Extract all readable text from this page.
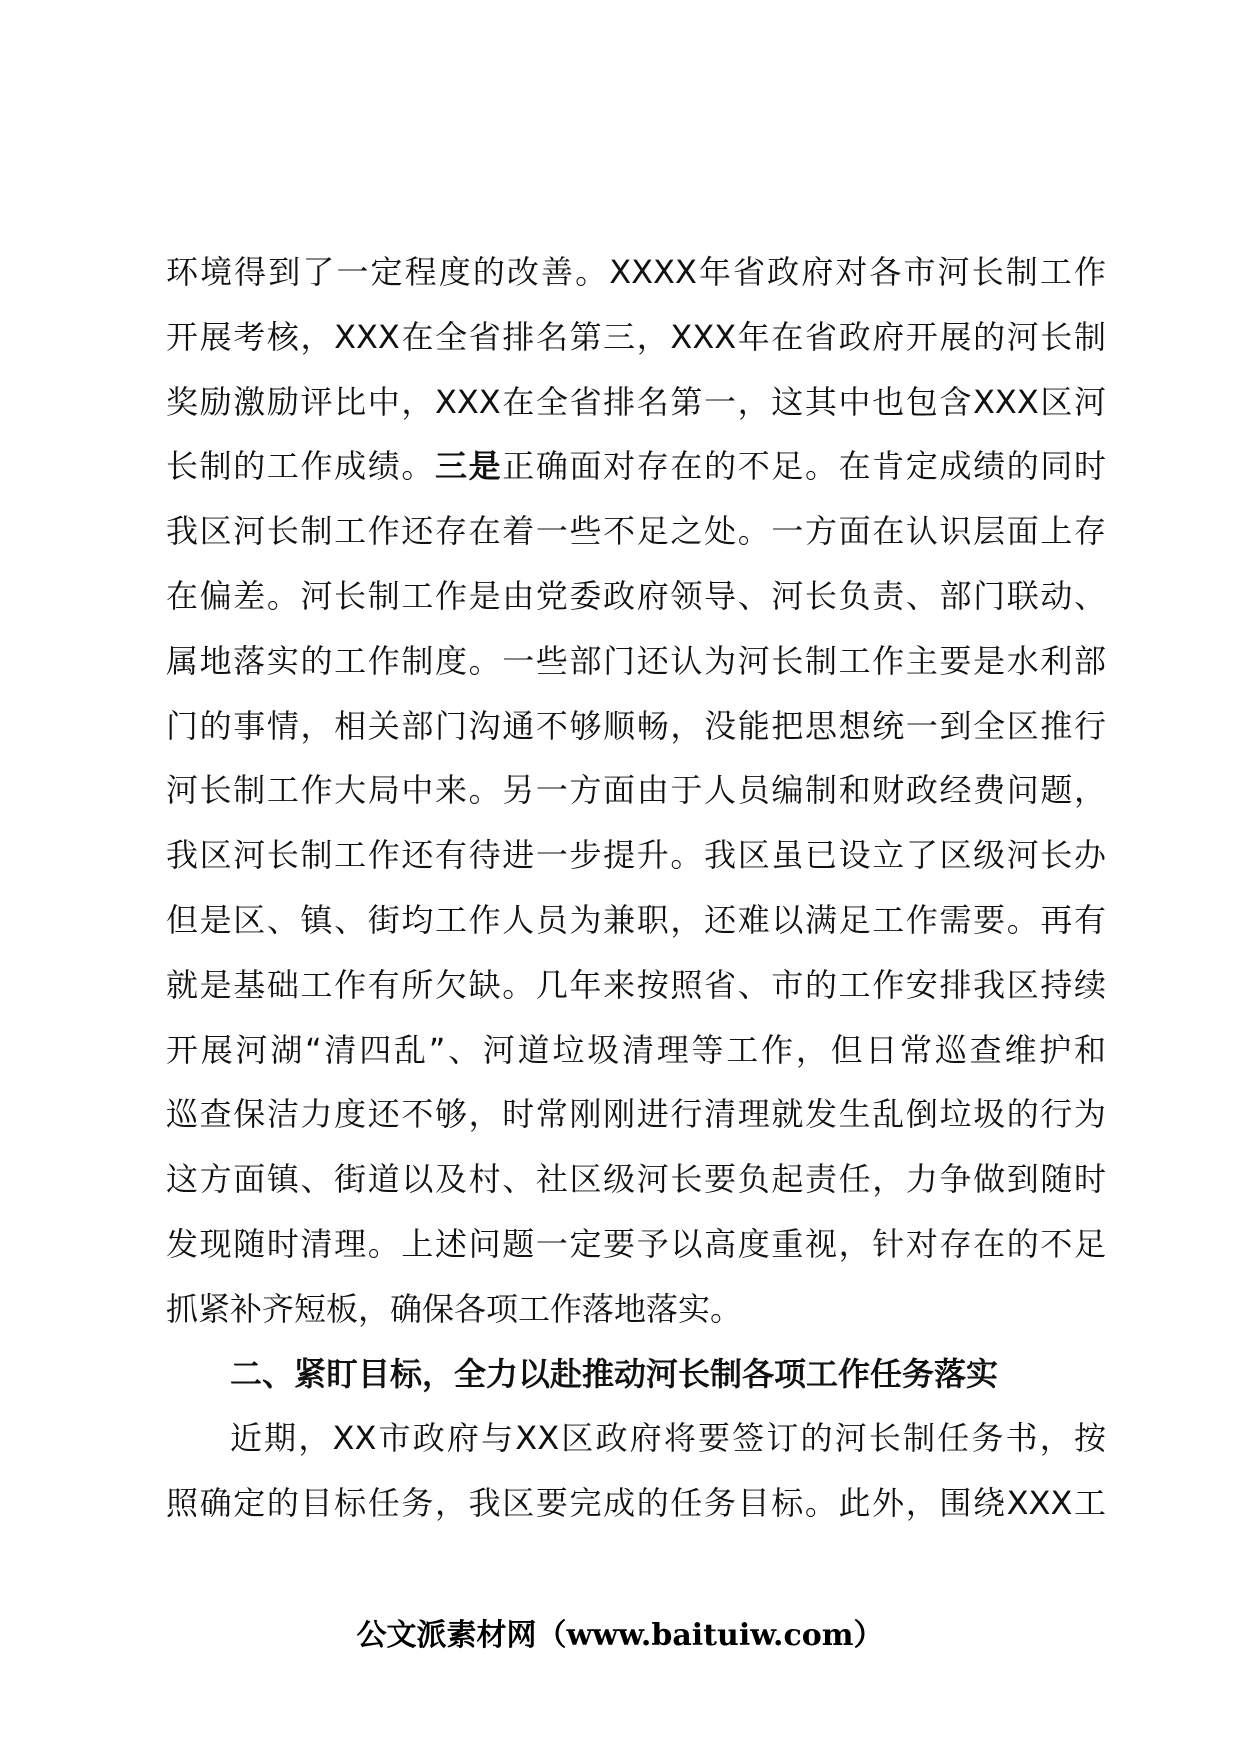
环境得到了一定程度的改善。XXXX年省政府对各市河长制工作
开展考核，XXX在全省排名第三，XXX年在省政府开展的河长制
奖励激励评比中，XXX在全省排名第一，这其中也包含XXX区河
长制的工作成绩。三是正确面对存在的不足。在肯定成绩的同时
我区河长制工作还存在着一些不足之处。一方面在认识层面上存
在偏差。河长制工作是由党委政府领导、河长负责、部门联动、
属地落实的工作制度。一些部门还认为河长制工作主要是水利部
门的事情，相关部门沟通不够顺畅，没能把思想统一到全区推行
河长制工作大局中来。另一方面由于人员编制和财政经费问题，
我区河长制工作还有待进一步提升。我区虽已设立了区级河长办
但是区、镇、街均工作人员为兼职，还难以满足工作需要。再有
就是基础工作有所欠缺。几年来按照省、市的工作安排我区持续
开展河湖“清四乱”、河道垃圾清理等工作，但日常巡查维护和
巡查保洁力度还不够，时常刚刚进行清理就发生乱倒垃圾的行为
这方面镇、街道以及村、社区级河长要负起责任，力争做到随时
发现随时清理。上述问题一定要予以高度重视，针对存在的不足
抓紧补齐短板，确保各项工作落地落实。
二、紧盯目标，全力以赴推动河长制各项工作任务落实
近期，XX市政府与XX区政府将要签订的河长制任务书，按
照确定的目标任务，我区要完成的任务目标。此外，围绕XXX工
公文派素材网（www.baituiw.com）
